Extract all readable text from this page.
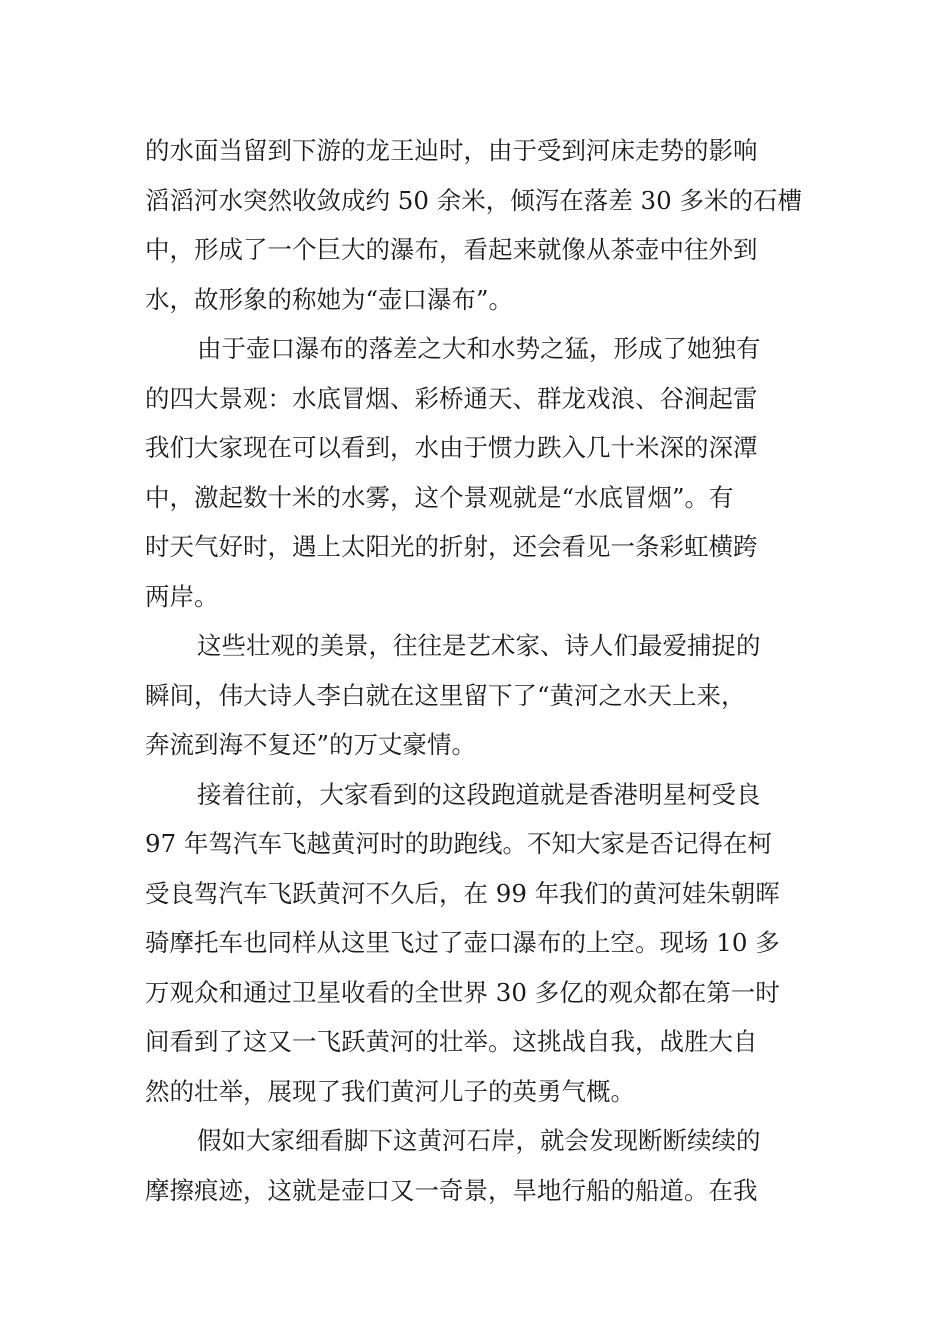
的水面当留到下游的龙王辿时，由于受到河床走势的影响
滔滔河水突然收敛成约 50 余米，倾泻在落差 30 多米的石槽
中，形成了一个巨大的瀑布，看起来就像从茶壶中往外到
水，故形象的称她为“壶口瀑布”。
由于壶口瀑布的落差之大和水势之猛，形成了她独有
的四大景观：水底冒烟、彩桥通天、群龙戏浪、谷涧起雷
我们大家现在可以看到，水由于惯力跌入几十米深的深潭
中，激起数十米的水雾，这个景观就是“水底冒烟”。有
时天气好时，遇上太阳光的折射，还会看见一条彩虹横跨
两岸。
这些壮观的美景，往往是艺术家、诗人们最爱捕捉的
瞬间，伟大诗人李白就在这里留下了“黄河之水天上来，
奔流到海不复还”的万丈豪情。
接着往前，大家看到的这段跑道就是香港明星柯受良
97 年驾汽车飞越黄河时的助跑线。不知大家是否记得在柯
受良驾汽车飞跃黄河不久后，在 99 年我们的黄河娃朱朝晖
骑摩托车也同样从这里飞过了壶口瀑布的上空。现场 10 多
万观众和通过卫星收看的全世界 30 多亿的观众都在第一时
间看到了这又一飞跃黄河的壮举。这挑战自我，战胜大自
然的壮举，展现了我们黄河儿子的英勇气概。
假如大家细看脚下这黄河石岸，就会发现断断续续的
摩擦痕迹，这就是壶口又一奇景，旱地行船的船道。在我
